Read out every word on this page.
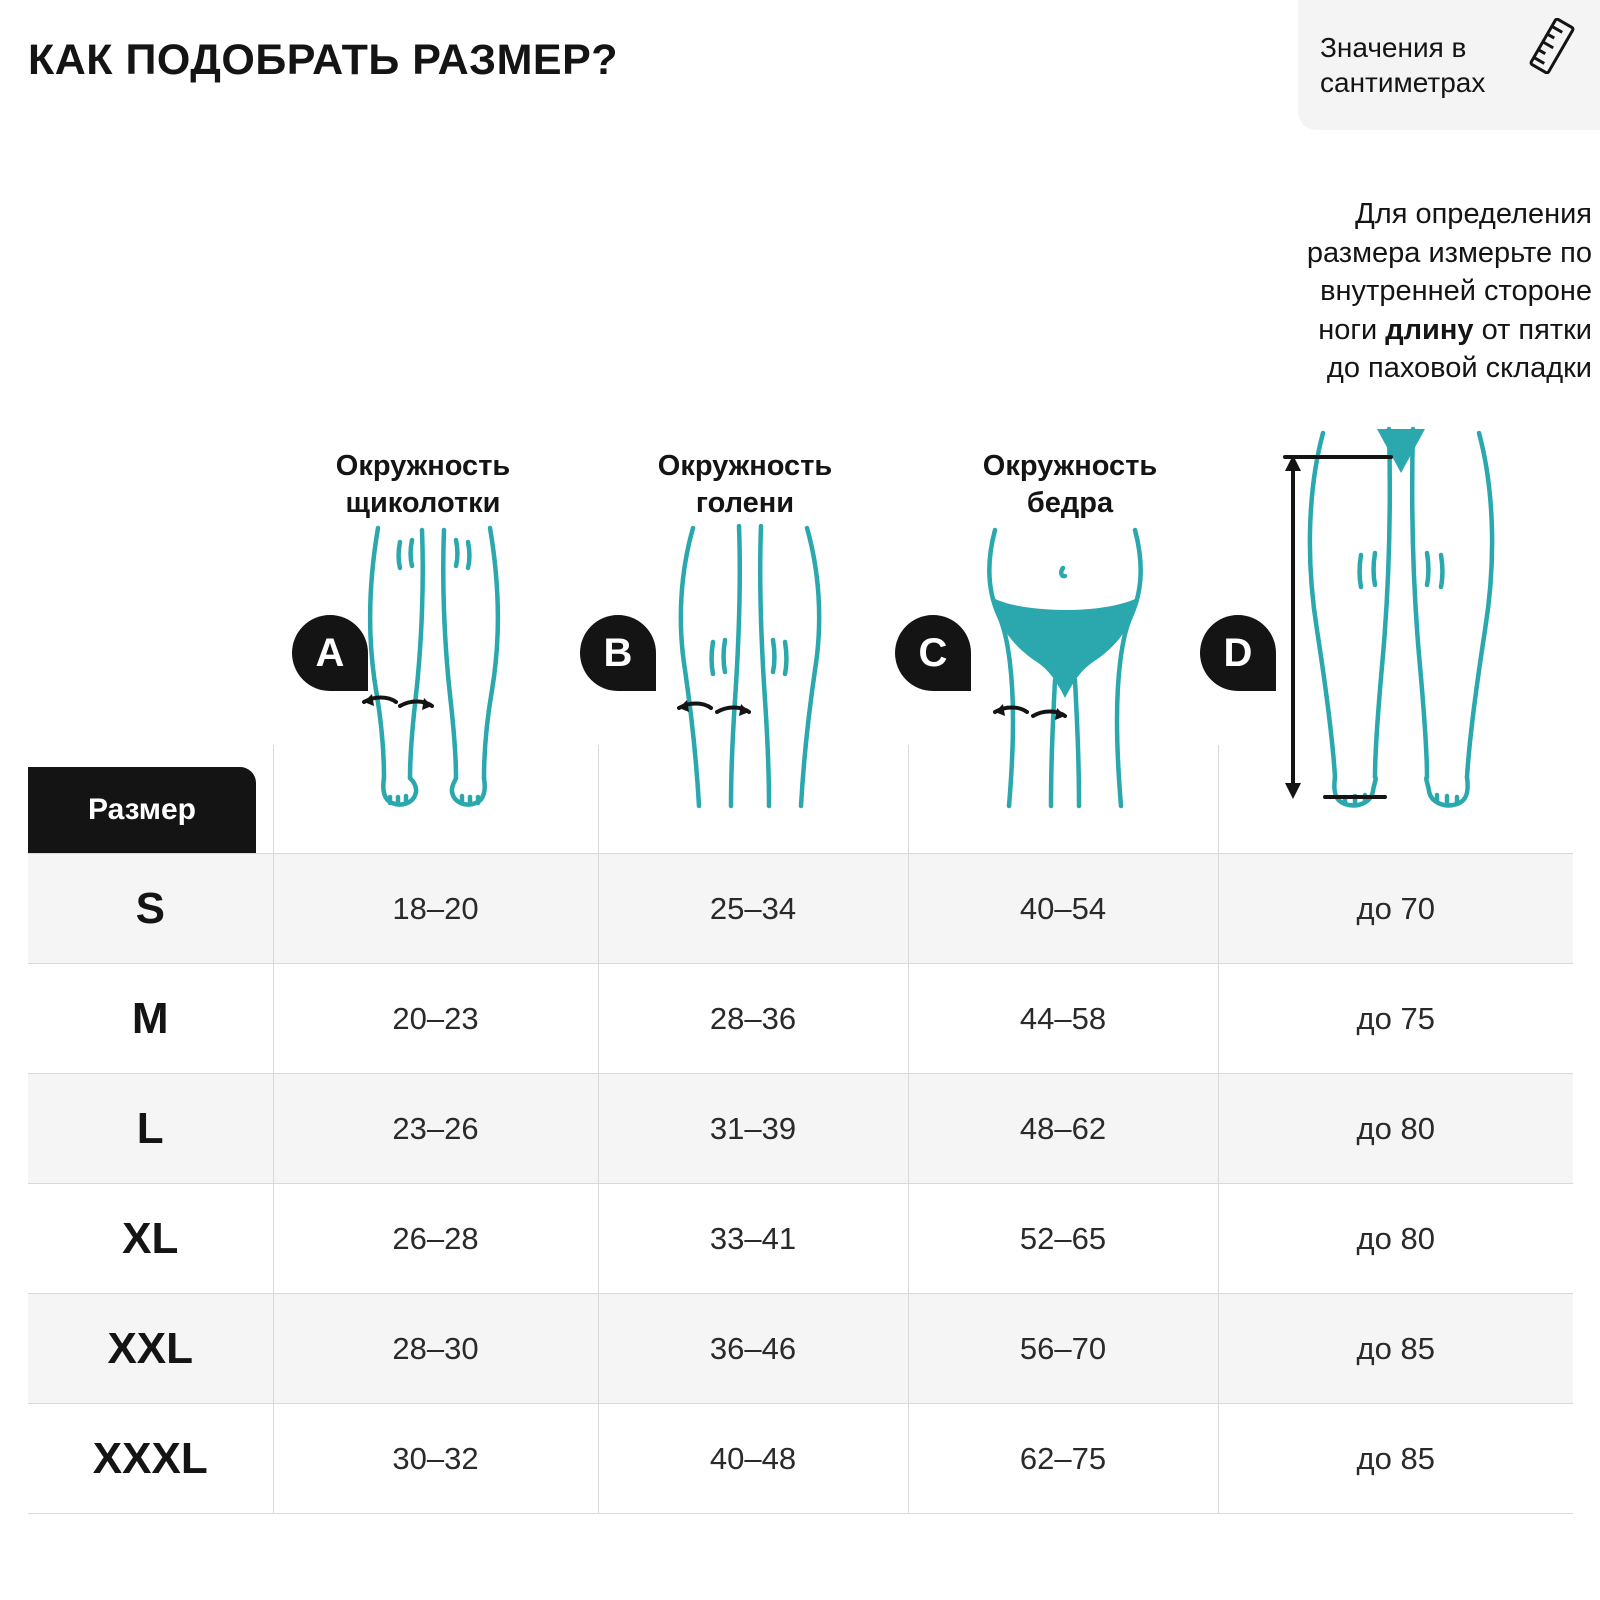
КАК ПОДОБРАТЬ РАЗМЕР?	Значения в сантиметрах
Для определения
размера измерьте по
внутренней стороне
ноги длину от пятки
до паховой складки
Окружность
щиколотки
Окружность
голени
Окружность
бедра
A	B	C	D
Размер				

S	18–20	25–34	40–54	до 70
M	20–23	28–36	44–58	до 75
L	23–26	31–39	48–62	до 80
XL	26–28	33–41	52–65	до 80
XXL	28–30	36–46	56–70	до 85
XXXL	30–32	40–48	62–75	до 85
